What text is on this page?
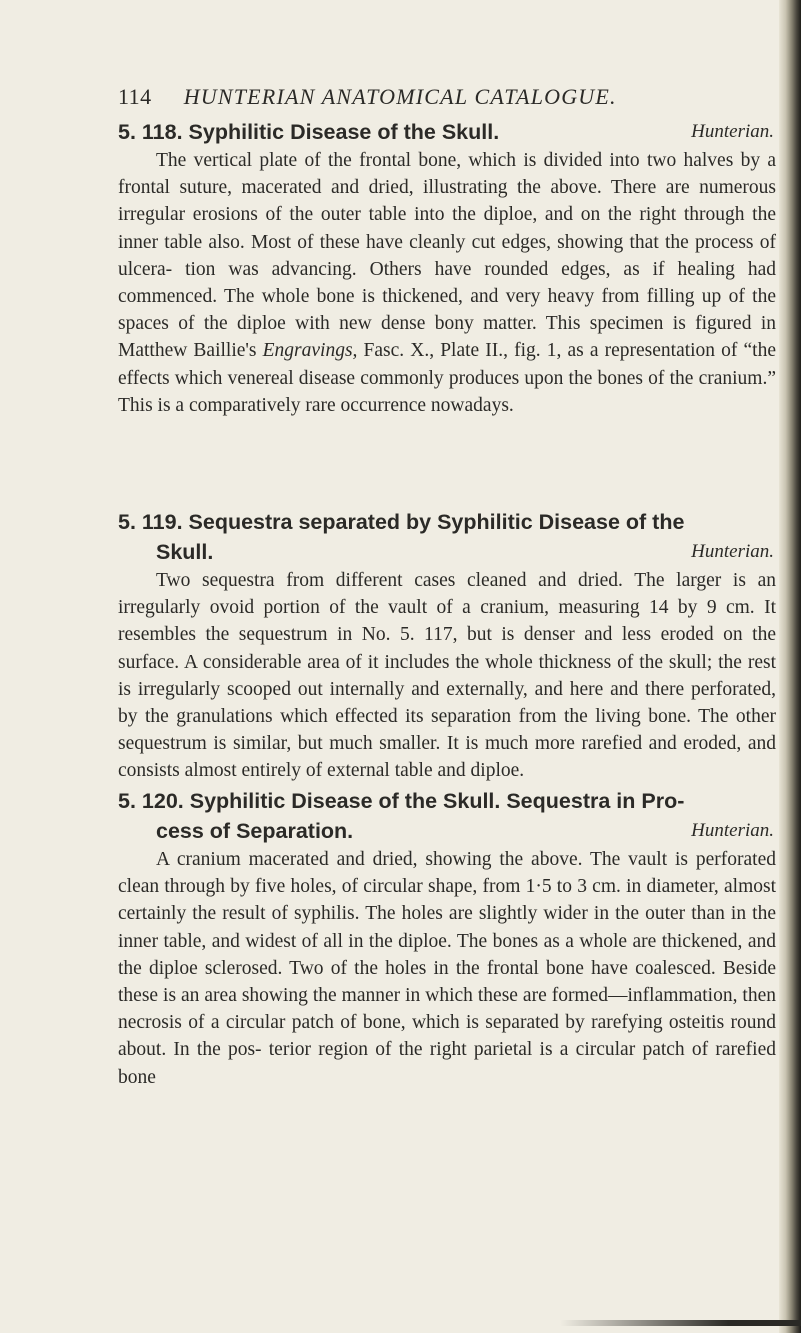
114 HUNTERIAN ANATOMICAL CATALOGUE.
5. 118. Syphilitic Disease of the Skull.	Hunterian.
The vertical plate of the frontal bone, which is divided into two halves by a frontal suture, macerated and dried, illustrating the above. There are numerous irregular erosions of the outer table into the diploe, and on the right through the inner table also. Most of these have cleanly cut edges, showing that the process of ulcera- tion was advancing. Others have rounded edges, as if healing had commenced. The whole bone is thickened, and very heavy from filling up of the spaces of the diploe with new dense bony matter. This specimen is figured in Matthew Baillie's Engravings, Fasc. X., Plate II., fig. 1, as a representation of “the effects which venereal disease commonly produces upon the bones of the cranium.” This is a comparatively rare occurrence nowadays.
5. 119. Sequestra separated by Syphilitic Disease of the
Skull.	Hunterian.
Two sequestra from different cases cleaned and dried. The larger is an irregularly ovoid portion of the vault of a cranium, measuring 14 by 9 cm. It resembles the sequestrum in No. 5. 117, but is denser and less eroded on the surface. A considerable area of it includes the whole thickness of the skull; the rest is irregularly scooped out internally and externally, and here and there perforated, by the granulations which effected its separation from the living bone. The other sequestrum is similar, but much smaller. It is much more rarefied and eroded, and consists almost entirely of external table and diploe.
5. 120. Syphilitic Disease of the Skull. Sequestra in Pro-
cess of Separation.	Hunterian.
A cranium macerated and dried, showing the above. The vault is perforated clean through by five holes, of circular shape, from 1·5 to 3 cm. in diameter, almost certainly the result of syphilis. The holes are slightly wider in the outer than in the inner table, and widest of all in the diploe. The bones as a whole are thickened, and the diploe sclerosed. Two of the holes in the frontal bone have coalesced. Beside these is an area showing the manner in which these are formed—inflammation, then necrosis of a circular patch of bone, which is separated by rarefying osteitis round about. In the pos- terior region of the right parietal is a circular patch of rarefied bone
